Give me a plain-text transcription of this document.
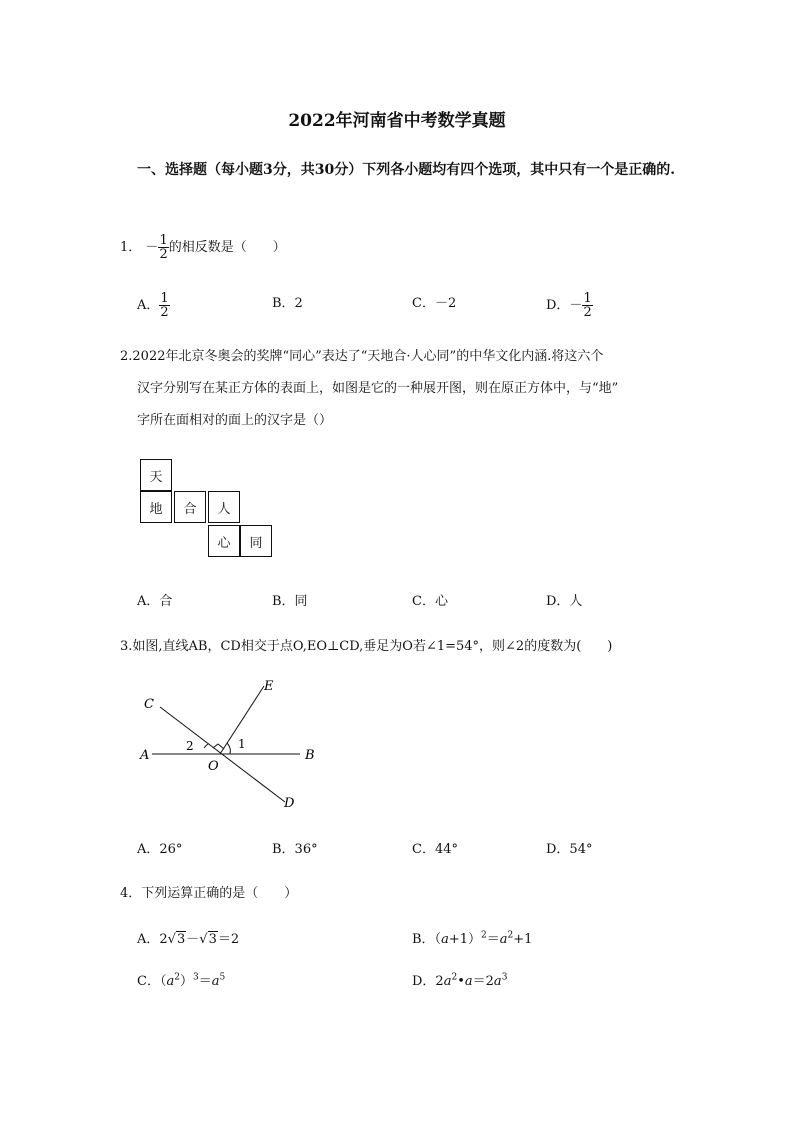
2022年河南省中考数学真题
一、选择题（每小题3分，共30分）下列各小题均有四个选项，其中只有一个是正确的.
1． － $\frac{1}{2}$ 的相反数是（　　）
A． $\frac{1}{2}$	B．2	C．－2	D．－ $\frac{1}{2}$
2.2022年北京冬奥会的奖牌“同心”表达了“天地合·人心同”的中华文化内涵.将这六个
汉字分别写在某正方体的表面上，如图是它的一种展开图，则在原正方体中，与“地”
字所在面相对的面上的汉字是（）
天
地	合	人
心	同
A．合	B．同	C．心	D．人
3.如图,直线AB，CD相交于点O,EO⊥CD,垂足为O若∠1=54°，则∠2的度数为(　　)
A	B
C
D
E
O
1
2
A．26°	B．36°	C．44°	D．54°
4．下列运算正确的是（　　）
A．2√3－√3＝2	B．$(a+1)^2=a^2+1$
C．$(a^2)^3=a^5$	D．$2a^2•a=2a^3$
